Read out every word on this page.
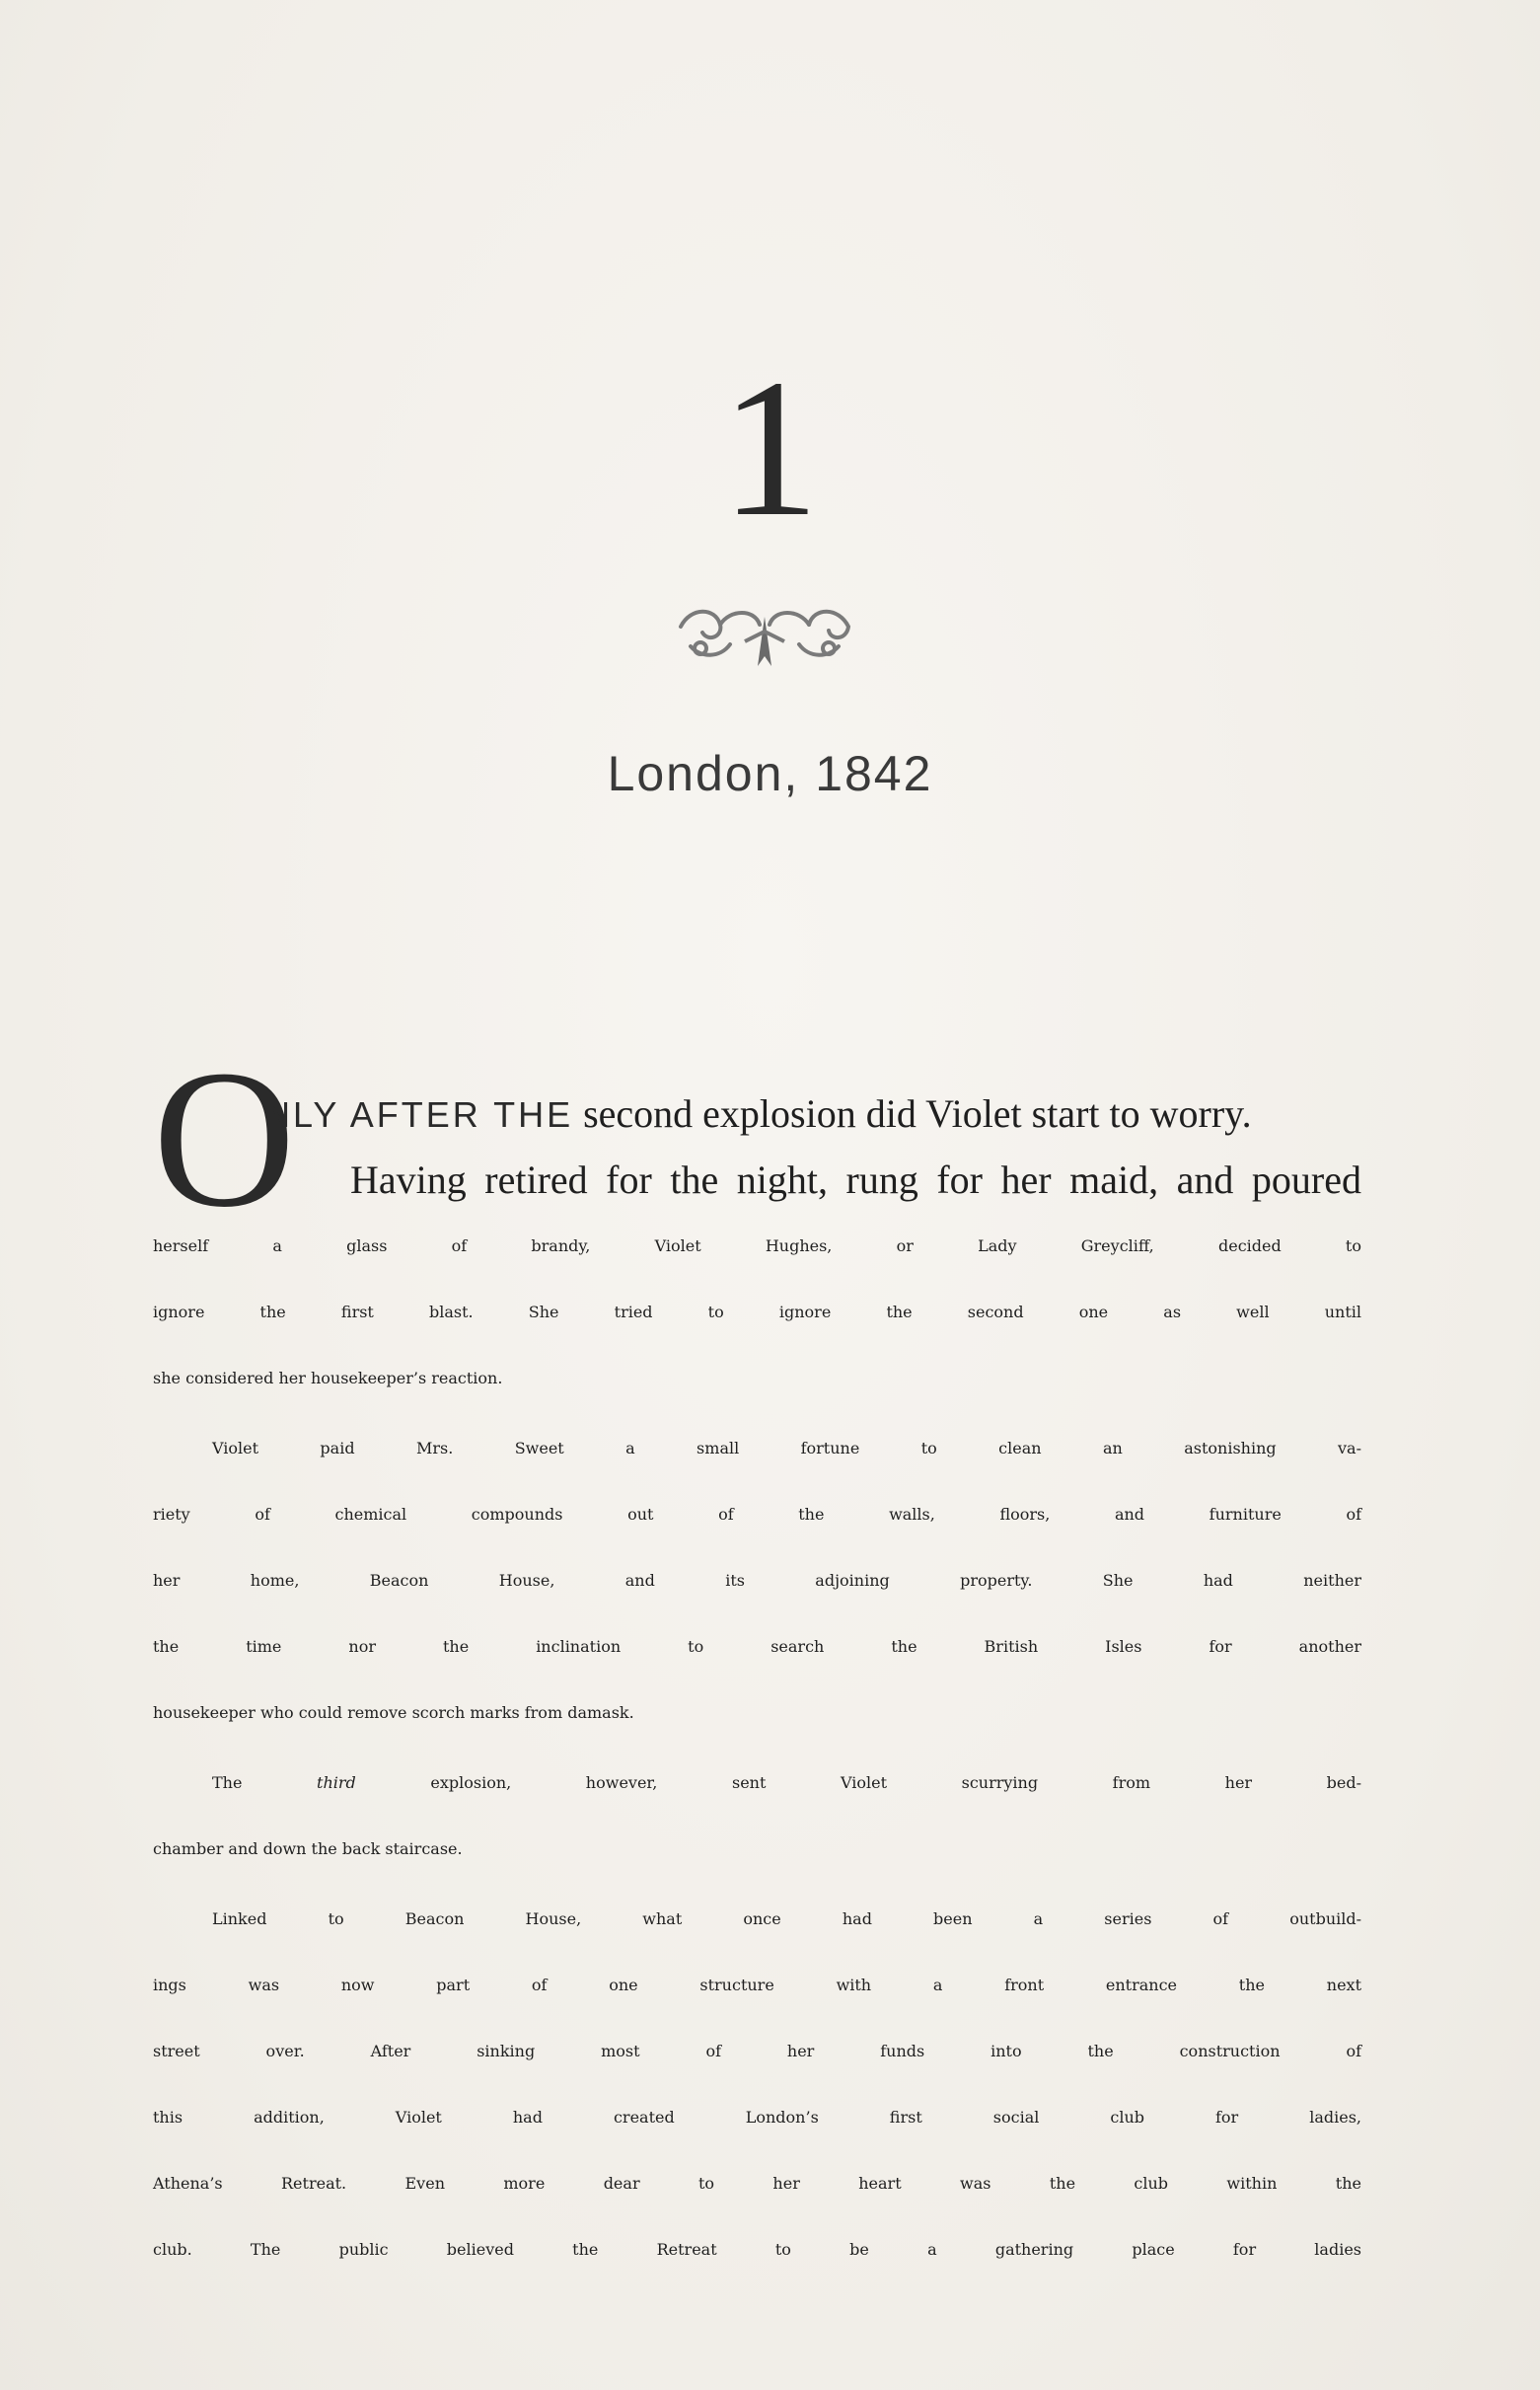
1
London, 1842
O
NLY AFTER THE second explosion did Violet start to worry.
Having retired for the night, rung for her maid, and poured
herself a glass of brandy, Violet Hughes, or Lady Greycliff, decided to
ignore the first blast. She tried to ignore the second one as well until
she considered her housekeeper’s reaction.
Violet paid Mrs. Sweet a small fortune to clean an astonishing va-
riety of chemical compounds out of the walls, floors, and furniture of
her home, Beacon House, and its adjoining property. She had neither
the time nor the inclination to search the British Isles for another
housekeeper who could remove scorch marks from damask.
The third explosion, however, sent Violet scurrying from her bed-
chamber and down the back staircase.
Linked to Beacon House, what once had been a series of outbuild-
ings was now part of one structure with a front entrance the next
street over. After sinking most of her funds into the construction of
this addition, Violet had created London’s first social club for ladies,
Athena’s Retreat. Even more dear to her heart was the club within the
club. The public believed the Retreat to be a gathering place for ladies
